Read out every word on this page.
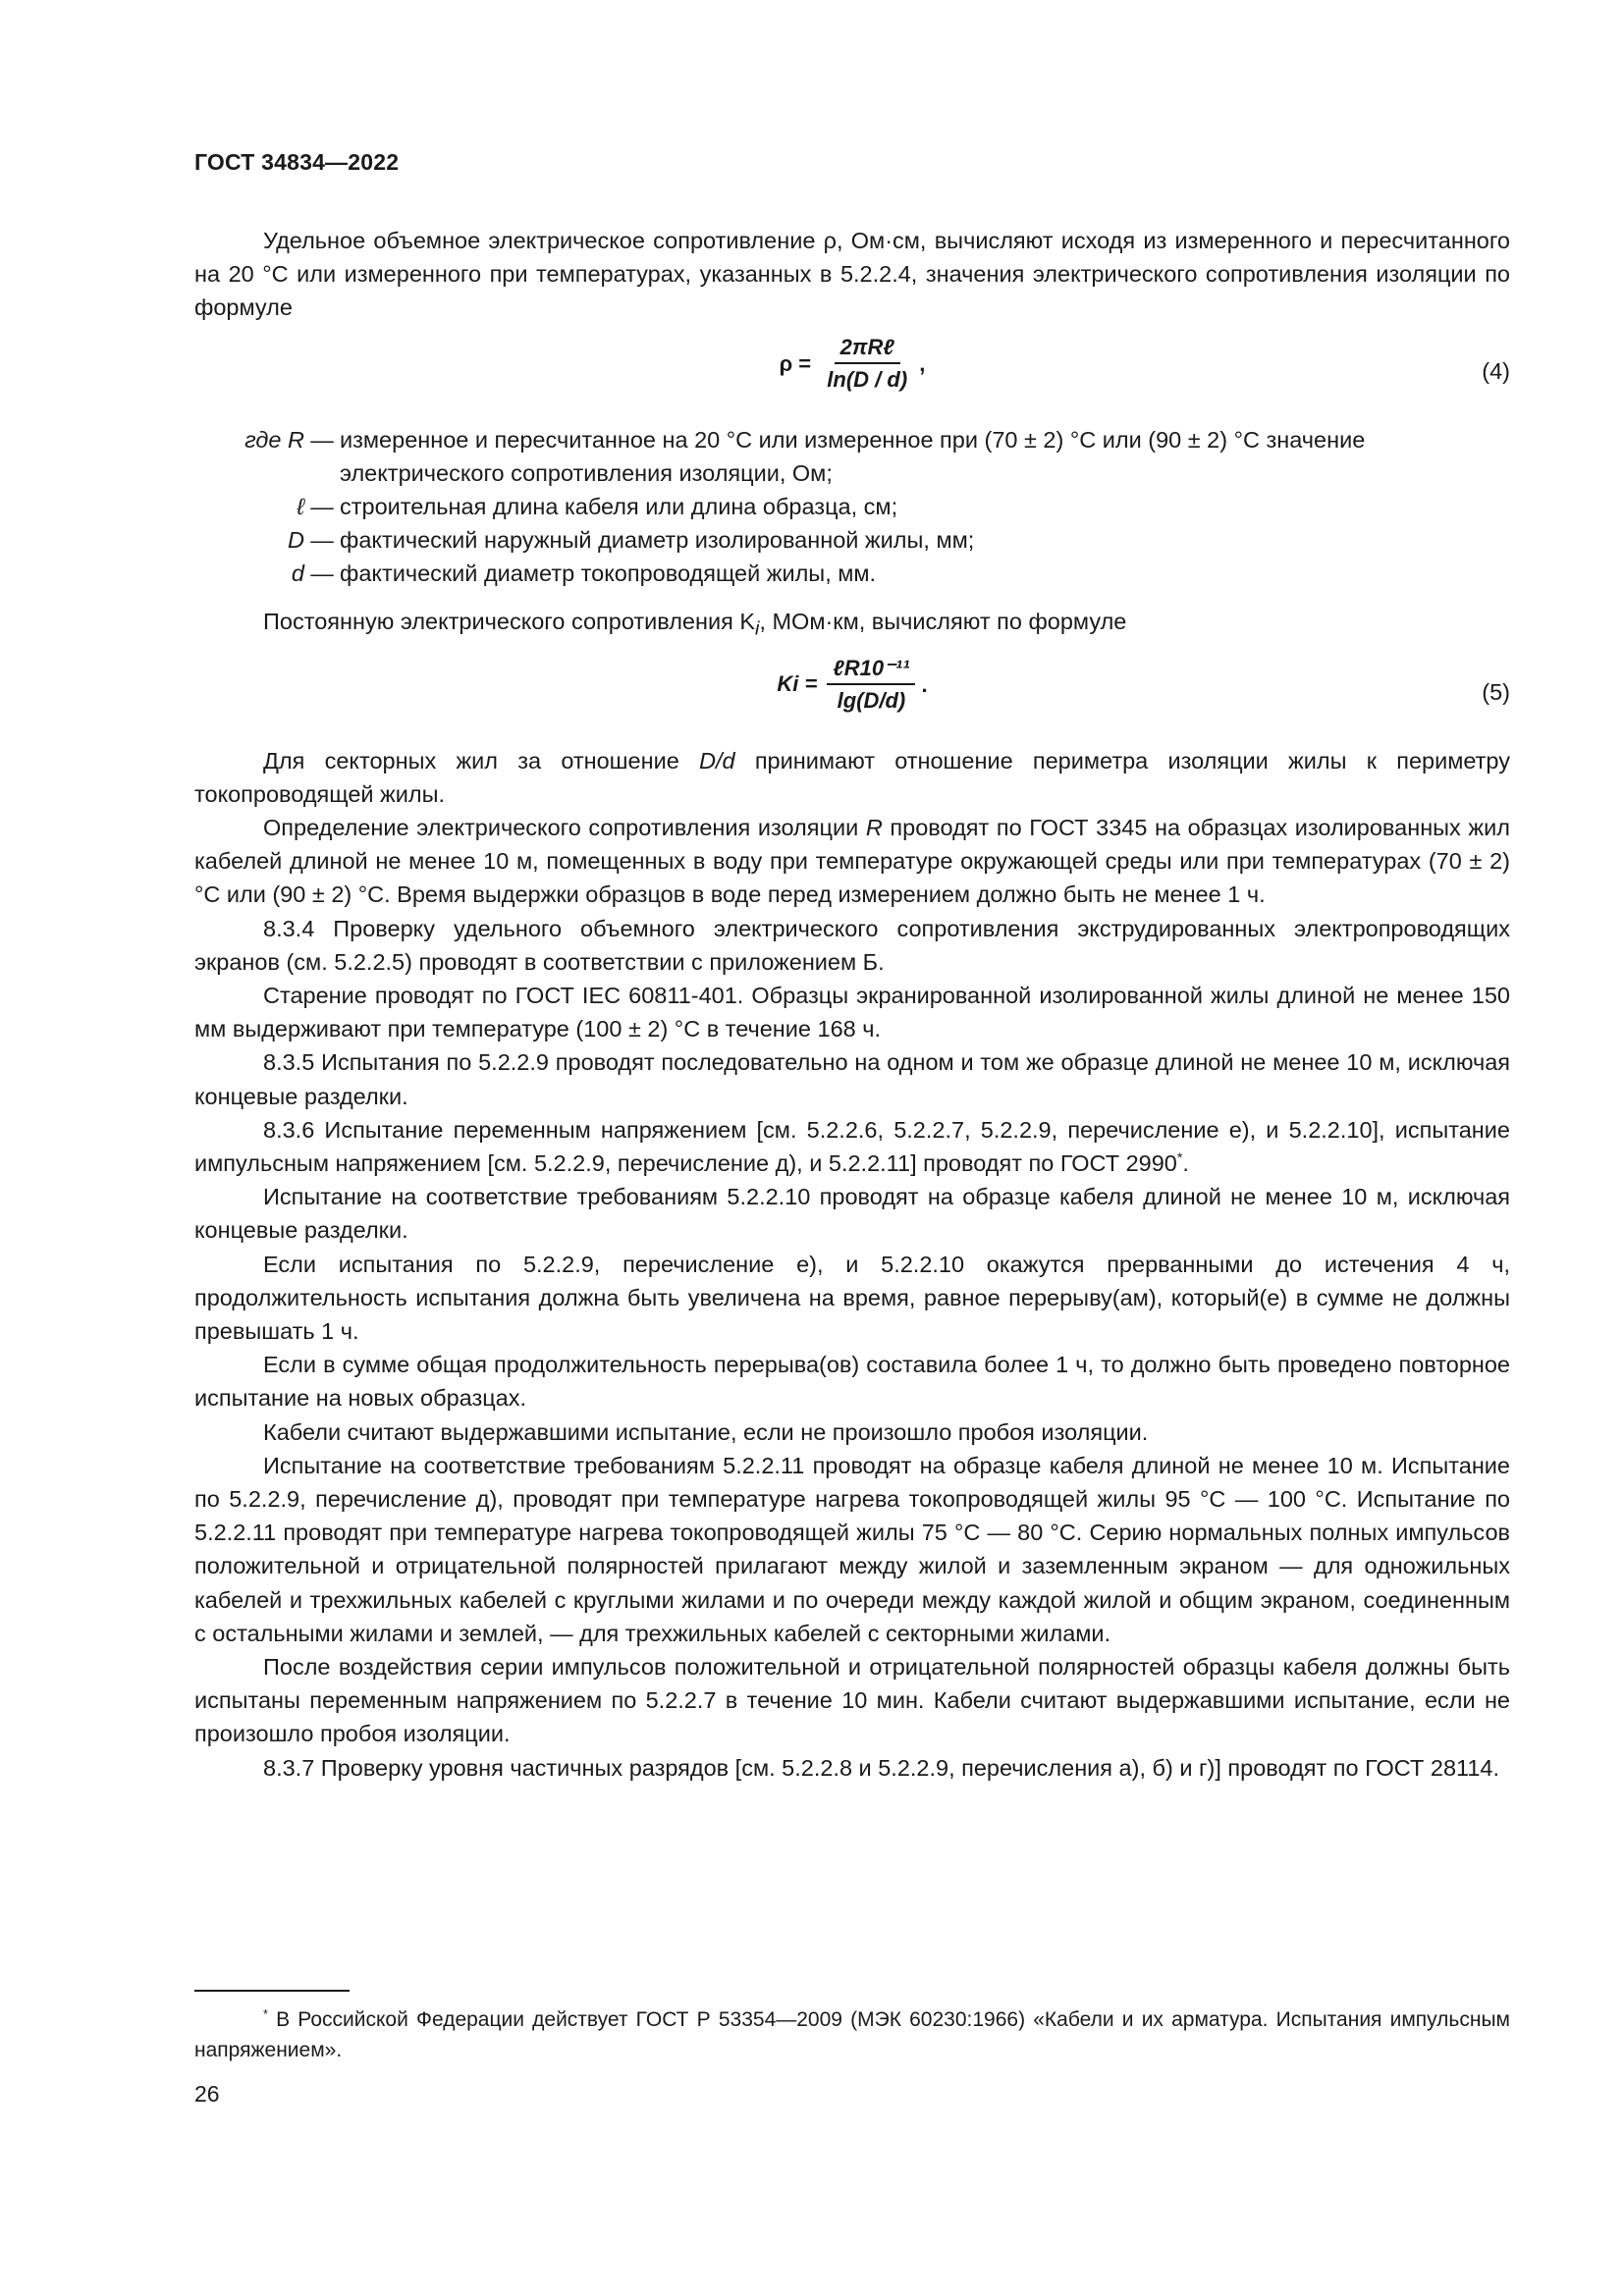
ГОСТ 34834—2022

Удельное объемное электрическое сопротивление ρ, Ом·см, вычисляют исходя из измеренного и пересчитанного на 20 °С или измеренного при температурах, указанных в 5.2.2.4, значения электрического сопротивления изоляции по формуле

$\rho = \frac{\text{2πRℓ}}{\ln(D / d)}$ ,	(4)
где R — измеренное и пересчитанное на 20 °С или измеренное при (70 ± 2) °С или (90 ± 2) °С значение электрического сопротивления изоляции, Ом;
ℓ — строительная длина кабеля или длина образца, см;
D — фактический наружный диаметр изолированной жилы, мм;
d — фактический диаметр токопроводящей жилы, мм.

Постоянную электрического сопротивления $K_i$, МОм·км, вычисляют по формуле

$Ki = \frac{\text{ℓR10⁻¹¹}}{\lg(D/d)}$ .	(5)

Для секторных жил за отношение D/d принимают отношение периметра изоляции жилы к периметру токопроводящей жилы.

Определение электрического сопротивления изоляции R проводят по ГОСТ 3345 на образцах изолированных жил кабелей длиной не менее 10 м, помещенных в воду при температуре окружающей среды или при температурах (70 ± 2) °С или (90 ± 2) °С. Время выдержки образцов в воде перед измерением должно быть не менее 1 ч.

8.3.4 Проверку удельного объемного электрического сопротивления экструдированных электропроводящих экранов (см. 5.2.2.5) проводят в соответствии с приложением Б.

Старение проводят по ГОСТ IEC 60811-401. Образцы экранированной изолированной жилы длиной не менее 150 мм выдерживают при температуре (100 ± 2) °С в течение 168 ч.

8.3.5 Испытания по 5.2.2.9 проводят последовательно на одном и том же образце длиной не менее 10 м, исключая концевые разделки.

8.3.6 Испытание переменным напряжением [см. 5.2.2.6, 5.2.2.7, 5.2.2.9, перечисление е), и 5.2.2.10], испытание импульсным напряжением [см. 5.2.2.9, перечисление д), и 5.2.2.11] проводят по ГОСТ 2990*.

Испытание на соответствие требованиям 5.2.2.10 проводят на образце кабеля длиной не менее 10 м, исключая концевые разделки.

Если испытания по 5.2.2.9, перечисление е), и 5.2.2.10 окажутся прерванными до истечения 4 ч, продолжительность испытания должна быть увеличена на время, равное перерыву(ам), который(е) в сумме не должны превышать 1 ч.

Если в сумме общая продолжительность перерыва(ов) составила более 1 ч, то должно быть проведено повторное испытание на новых образцах.

Кабели считают выдержавшими испытание, если не произошло пробоя изоляции.

Испытание на соответствие требованиям 5.2.2.11 проводят на образце кабеля длиной не менее 10 м. Испытание по 5.2.2.9, перечисление д), проводят при температуре нагрева токопроводящей жилы 95 °С — 100 °С. Испытание по 5.2.2.11 проводят при температуре нагрева токопроводящей жилы 75 °С — 80 °С. Серию нормальных полных импульсов положительной и отрицательной полярностей прилагают между жилой и заземленным экраном — для одножильных кабелей и трехжильных кабелей с круглыми жилами и по очереди между каждой жилой и общим экраном, соединенным с остальными жилами и землей, — для трехжильных кабелей с секторными жилами.

После воздействия серии импульсов положительной и отрицательной полярностей образцы кабеля должны быть испытаны переменным напряжением по 5.2.2.7 в течение 10 мин. Кабели считают выдержавшими испытание, если не произошло пробоя изоляции.

8.3.7 Проверку уровня частичных разрядов [см. 5.2.2.8 и 5.2.2.9, перечисления а), б) и г)] проводят по ГОСТ 28114.

* В Российской Федерации действует ГОСТ Р 53354—2009 (МЭК 60230:1966) «Кабели и их арматура. Испытания импульсным напряжением».
26
